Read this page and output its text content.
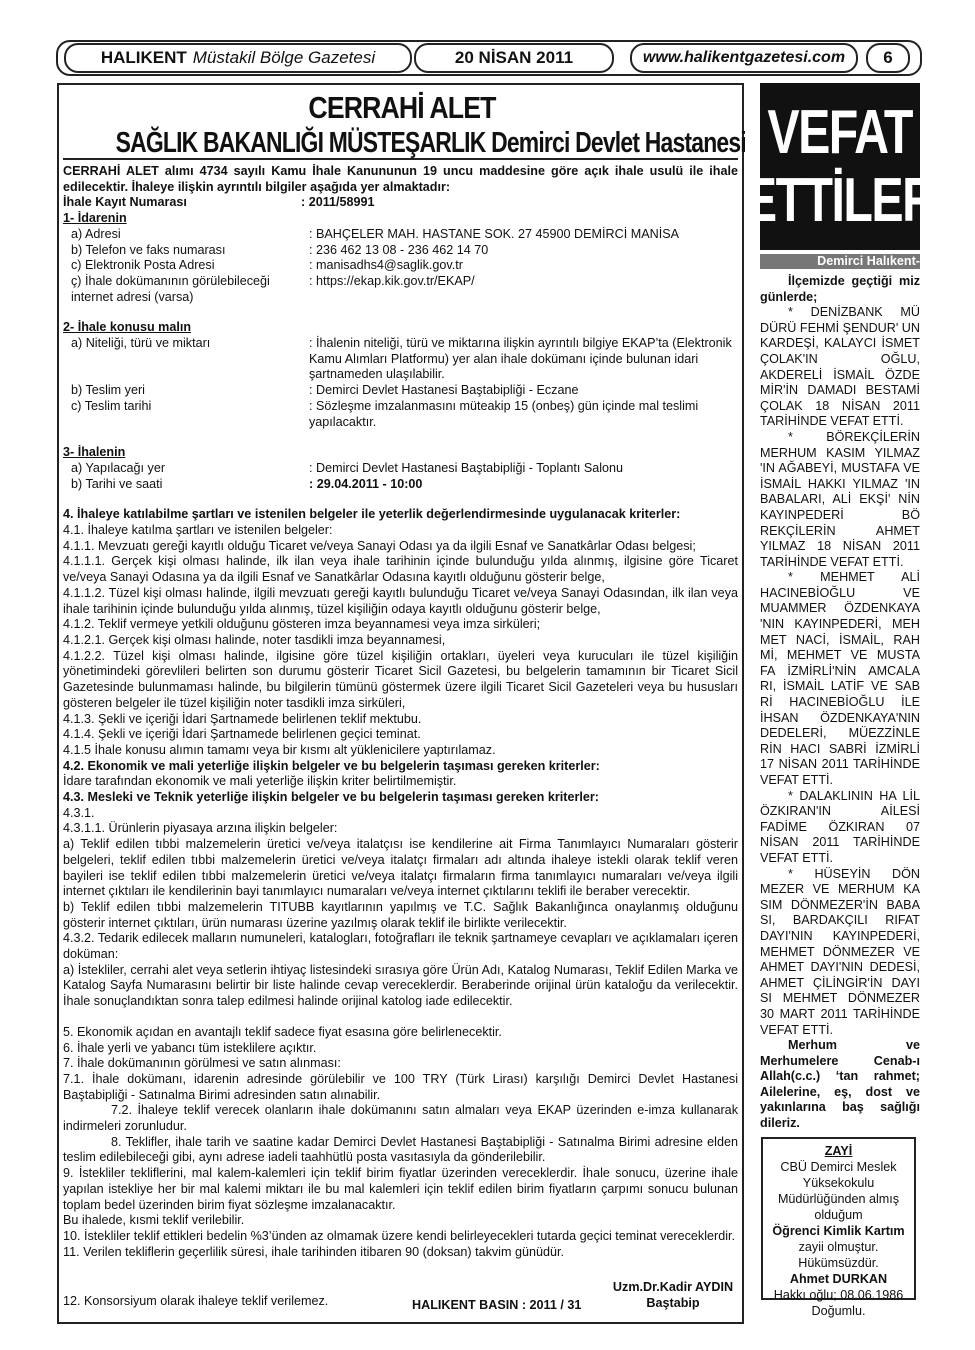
HALIKENT Müstakil Bölge Gazetesi	20 NİSAN 2011	www.halikentgazetesi.com	6
CERRAHİ ALET
SAĞLIK BAKANLIĞI MÜSTEŞARLIK Demirci Devlet Hastanesi

CERRAHİ ALET alımı 4734 sayılı Kamu İhale Kanununun 19 uncu maddesine göre açık ihale usulü ile ihale edilecektir. İhaleye ilişkin ayrıntılı bilgiler aşağıda yer almaktadır:

İhale Kayıt Numarası	: 2011/58991
1- İdarenin
a) Adresi	: BAHÇELER MAH. HASTANE SOK. 27 45900 DEMİRCİ MANİSA
b) Telefon ve faks numarası	: 236 462 13 08 - 236 462 14 70
c) Elektronik Posta Adresi	: manisadhs4@saglik.gov.tr
ç) İhale dokümanının görülebileceği internet adresi (varsa)
: https://ekap.kik.gov.tr/EKAP/
2- İhale konusu malın
a) Niteliği, türü ve miktarı	: İhalenin niteliği, türü ve miktarına ilişkin ayrıntılı bilgiye EKAP’ta (Elektronik Kamu Alımları Platformu) yer alan ihale dokümanı içinde bulunan idari şartnameden ulaşılabilir.
b) Teslim yeri	: Demirci Devlet Hastanesi Baştabipliği - Eczane
c) Teslim tarihi	: Sözleşme imzalanmasını müteakip 15 (onbeş) gün içinde mal teslimi yapılacaktır.
3- İhalenin
a) Yapılacağı yer	: Demirci Devlet Hastanesi Baştabipliği - Toplantı Salonu
b) Tarihi ve saati	: 29.04.2011 - 10:00

4. İhaleye katılabilme şartları ve istenilen belgeler ile yeterlik değerlendirmesinde uygulanacak kriterler:

4.1. İhaleye katılma şartları ve istenilen belgeler:

4.1.1. Mevzuatı gereği kayıtlı olduğu Ticaret ve/veya Sanayi Odası ya da ilgili Esnaf ve Sanatkârlar Odası belgesi;

4.1.1.1. Gerçek kişi olması halinde, ilk ilan veya ihale tarihinin içinde bulunduğu yılda alınmış, ilgisine göre Ticaret ve/veya Sanayi Odasına ya da ilgili Esnaf ve Sanatkârlar Odasına kayıtlı olduğunu gösterir belge,

4.1.1.2. Tüzel kişi olması halinde, ilgili mevzuatı gereği kayıtlı bulunduğu Ticaret ve/veya Sanayi Odasından, ilk ilan veya ihale tarihinin içinde bulunduğu yılda alınmış, tüzel kişiliğin odaya kayıtlı olduğunu gösterir belge,

4.1.2. Teklif vermeye yetkili olduğunu gösteren imza beyannamesi veya imza sirküleri;

4.1.2.1. Gerçek kişi olması halinde, noter tasdikli imza beyannamesi,

4.1.2.2. Tüzel kişi olması halinde, ilgisine göre tüzel kişiliğin ortakları, üyeleri veya kurucuları ile tüzel kişiliğin yönetimindeki görevlileri belirten son durumu gösterir Ticaret Sicil Gazetesi, bu belgelerin tamamının bir Ticaret Sicil Gazetesinde bulunmaması halinde, bu bilgilerin tümünü göstermek üzere ilgili Ticaret Sicil Gazeteleri veya bu hususları gösteren belgeler ile tüzel kişiliğin noter tasdikli imza sirküleri,

4.1.3. Şekli ve içeriği İdari Şartnamede belirlenen teklif mektubu.

4.1.4. Şekli ve içeriği İdari Şartnamede belirlenen geçici teminat.

4.1.5 İhale konusu alımın tamamı veya bir kısmı alt yüklenicilere yaptırılamaz.

4.2. Ekonomik ve mali yeterliğe ilişkin belgeler ve bu belgelerin taşıması gereken kriterler:

İdare tarafından ekonomik ve mali yeterliğe ilişkin kriter belirtilmemiştir.

4.3. Mesleki ve Teknik yeterliğe ilişkin belgeler ve bu belgelerin taşıması gereken kriterler:

4.3.1.

4.3.1.1. Ürünlerin piyasaya arzına ilişkin belgeler:

a) Teklif edilen tıbbi malzemelerin üretici ve/veya italatçısı ise kendilerine ait Firma Tanımlayıcı Numaraları gösterir belgeleri, teklif edilen tıbbi malzemelerin üretici ve/veya italatçı firmaları adı altında ihaleye istekli olarak teklif veren bayileri ise teklif edilen tıbbi malzemelerin üretici ve/veya italatçı firmaların firma tanımlayıcı numaraları ve/veya ilgili internet çıktıları ile kendilerinin bayi tanımlayıcı numaraları ve/veya internet çıktılarını teklifi ile beraber verecektir.

b) Teklif edilen tıbbi malzemelerin TITUBB kayıtlarının yapılmış ve T.C. Sağlık Bakanlığınca onaylanmış olduğunu gösterir internet çıktıları, ürün numarası üzerine yazılmış olarak teklif ile birlikte verilecektir.

4.3.2. Tedarik edilecek malların numuneleri, katalogları, fotoğrafları ile teknik şartnameye cevapları ve açıklamaları içeren doküman:

a) İstekliler, cerrahi alet veya setlerin ihtiyaç listesindeki sırasıya göre Ürün Adı, Katalog Numarası, Teklif Edilen Marka ve Katalog Sayfa Numarasını belirtir bir liste halinde cevap vereceklerdir. Beraberinde orijinal ürün kataloğu da verilecektir. İhale sonuçlandıktan sonra talep edilmesi halinde orijinal katolog iade edilecektir.

5. Ekonomik açıdan en avantajlı teklif sadece fiyat esasına göre belirlenecektir.

6. İhale yerli ve yabancı tüm isteklilere açıktır.

7. İhale dokümanının görülmesi ve satın alınması:

7.1. İhale dokümanı, idarenin adresinde görülebilir ve 100 TRY (Türk Lirası) karşılığı Demirci Devlet Hastanesi Baştabipliği - Satınalma Birimi adresinden satın alınabilir.

7.2. İhaleye teklif verecek olanların ihale dokümanını satın almaları veya EKAP üzerinden e-imza kullanarak indirmeleri zorunludur.

8. Teklifler, ihale tarih ve saatine kadar Demirci Devlet Hastanesi Baştabipliği - Satınalma Birimi adresine elden teslim edilebileceği gibi, aynı adrese iadeli taahhütlü posta vasıtasıyla da gönderilebilir.

9. İstekliler tekliflerini, mal kalem-kalemleri için teklif birim fiyatlar üzerinden vereceklerdir. İhale sonucu, üzerine ihale yapılan istekliye her bir mal kalemi miktarı ile bu mal kalemleri için teklif edilen birim fiyatların çarpımı sonucu bulunan toplam bedel üzerinden birim fiyat sözleşme imzalanacaktır.

Bu ihalede, kısmi teklif verilebilir.

10. İstekliler teklif ettikleri bedelin %3’ünden az olmamak üzere kendi belirleyecekleri tutarda geçici teminat vereceklerdir.

11. Verilen tekliflerin geçerlilik süresi, ihale tarihinden itibaren 90 (doksan) takvim günüdür.

12. Konsorsiyum olarak ihaleye teklif verilemez.	HALIKENT BASIN : 2011 / 31
Uzm.Dr.Kadir AYDIN
Baştabip
VEFAT
ETTİLER
Demirci Halıkent-

İlçemizde geçtiği miz günlerde;

* DENİZBANK MÜ DÜRÜ FEHMİ ŞENDUR' UN KARDEŞİ, KALAYCI İSMET ÇOLAK'IN OĞLU, AKDERELİ İSMAİL ÖZDE MİR'İN DAMADI BESTAMİ ÇOLAK 18 NİSAN 2011 TARİHİNDE VEFAT ETTİ.

* BÖREKÇİLERİN MERHUM KASIM YILMAZ 'IN AĞABEYİ, MUSTAFA VE İSMAİL HAKKI YILMAZ 'IN BABALARI, ALİ EKŞİ' NİN KAYINPEDERİ BÖ REKÇİLERİN AHMET YILMAZ 18 NİSAN 2011 TARİHİNDE VEFAT ETTİ.

* MEHMET ALİ HACINEBİOĞLU VE MUAMMER ÖZDENKAYA 'NIN KAYINPEDERİ, MEH MET NACİ, İSMAİL, RAH Mİ, MEHMET VE MUSTA FA İZMİRLİ'NİN AMCALA RI, İSMAİL LATİF VE SAB Rİ HACINEBİOĞLU İLE İHSAN ÖZDENKAYA'NIN DEDELERİ, MÜEZZİNLE RİN HACI SABRİ İZMİRLİ 17 NİSAN 2011 TARİHİNDE VEFAT ETTİ.

* DALAKLININ HA LİL ÖZKIRAN'IN AİLESİ FADİME ÖZKIRAN 07 NİSAN 2011 TARİHİNDE VEFAT ETTİ.

* HÜSEYİN DÖN MEZER VE MERHUM KA SIM DÖNMEZER'İN BABA SI, BARDAKÇILI RIFAT DAYI'NIN KAYINPEDERİ, MEHMET DÖNMEZER VE AHMET DAYI'NIN DEDESİ, AHMET ÇİLİNGİR'İN DAYI SI MEHMET DÖNMEZER 30 MART 2011 TARİHİNDE VEFAT ETTİ.

Merhum ve Merhumelere Cenab-ı Allah(c.c.) ‘tan rahmet; Ailelerine, eş, dost ve yakınlarına baş sağlığı dileriz.

ZAYİ
CBÜ Demirci Meslek Yüksekokulu Müdürlüğünden almış olduğum
Öğrenci Kimlik Kartım
zayii olmuştur. Hükümsüzdür.
Ahmet DURKAN
Hakkı oğlu; 08.06.1986 Doğumlu.
